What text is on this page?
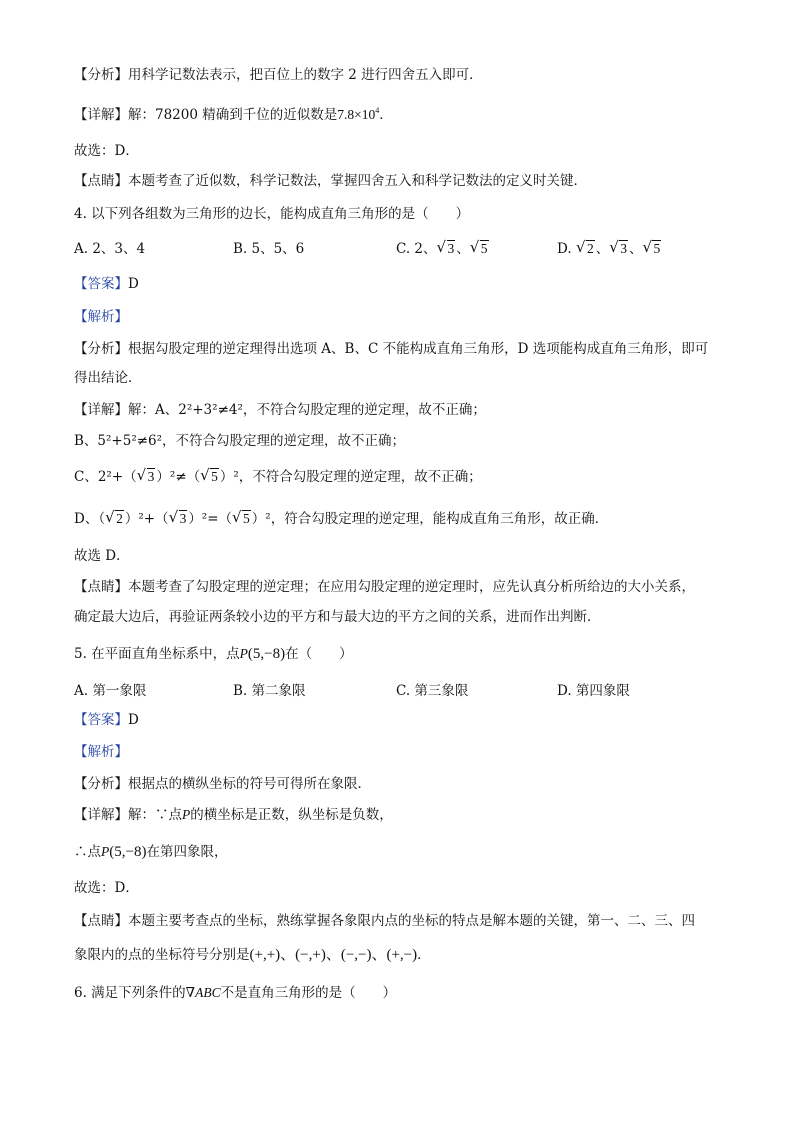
【分析】用科学记数法表示，把百位上的数字 2 进行四舍五入即可．
【详解】解：78200 精确到千位的近似数是$7.8\times 10^4$．
故选：D．
【点睛】本题考查了近似数，科学记数法，掌握四舍五入和科学记数法的定义时关键．
4. 以下列各组数为三角形的边长，能构成直角三角形的是（　　）
A. 2、3、4	B. 5、5、6	C. 2、 √ 3 、 √ 5	D. √ 2 、 √ 3 、 √ 5
【答案】D
【解析】
【分析】根据勾股定理的逆定理得出选项 A、B、C 不能构成直角三角形，D 选项能构成直角三角形，即可
得出结论．
【详解】解：A、2²+3²≠4²，不符合勾股定理的逆定理，故不正确；
B、5²+5²≠6²，不符合勾股定理的逆定理，故不正确；
C、2²+（ √ 3 ）²≠（ √ 5 ）²，不符合勾股定理的逆定理，故不正确；
D、（ √ 2 ）²+（ √ 3 ）²=（ √ 5 ）²，符合勾股定理的逆定理，能构成直角三角形，故正确．
故选 D．
【点睛】本题考查了勾股定理的逆定理；在应用勾股定理的逆定理时，应先认真分析所给边的大小关系，
确定最大边后，再验证两条较小边的平方和与最大边的平方之间的关系，进而作出判断．
5. 在平面直角坐标系中，点P(5,−8)在（　　）
A. 第一象限	B. 第二象限	C. 第三象限	D. 第四象限
【答案】D
【解析】
【分析】根据点的横纵坐标的符号可得所在象限．
【详解】解：∵点P的横坐标是正数，纵坐标是负数，
∴点P(5,−8)在第四象限，
故选：D．
【点睛】本题主要考查点的坐标，熟练掌握各象限内点的坐标的特点是解本题的关键，第一、二、三、四
象限内的点的坐标符号分别是(+,+)、(−,+)、(−,−)、(+,−)．
6. 满足下列条件的∇ABC不是直角三角形的是（　　）
